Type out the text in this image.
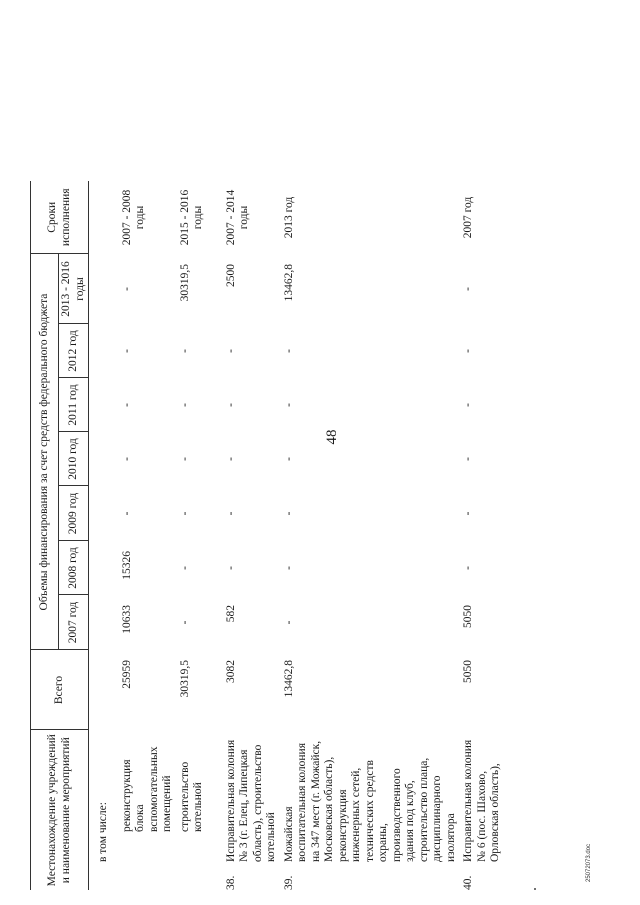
48
Местонахождение учреждений и наименование мероприятий		Всего	Объемы финансирования за счет средств федерального бюджета							Сроки исполнения
			2007 год	2008 год	2009 год	2010 год	2011 год	2012 год	2013 - 2016 годы	
	в том числе:									
	реконструкция блока вспомогательных помещений	25959	10633	15326	-	-	-	-	-	2007 - 2008 годы
	строительство котельной	30319,5	-	-	-	-	-	-	30319,5	2015 - 2016 годы
38.	Исправительная колония № 3 (г. Елец, Липецкая область), строительство котельной	3082	582	-	-	-	-	-	2500	2007 - 2014 годы
39.	Можайская воспитательная колония на 347 мест (г. Можайск, Московская область), реконструкция инженерных сетей, технических средств охраны, производственного здания под клуб, строительство плаца, дисциплинарного изолятора	13462,8	-	-	-	-	-	-	13462,8	2013 год
40.	Исправительная колония № 6 (пос. Шахово, Орловская область),	5050	5050	-	-	-	-	-	-	2007 год
25072073.doc
